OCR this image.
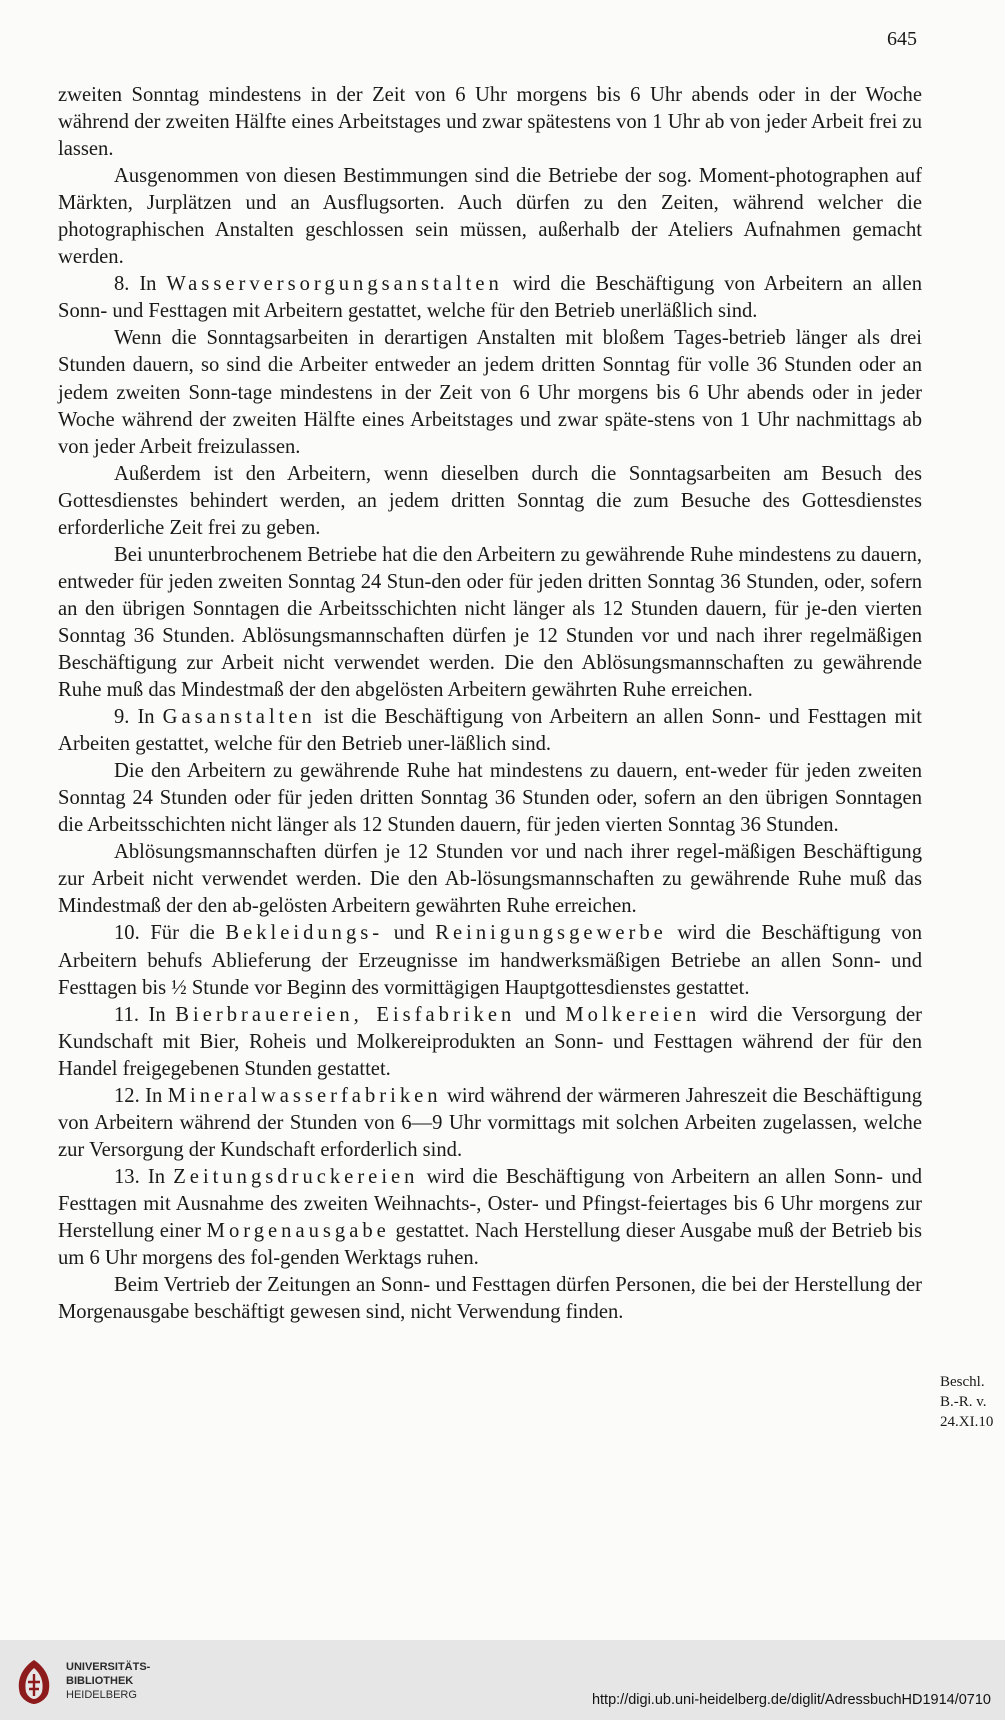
645

zweiten Sonntag mindestens in der Zeit von 6 Uhr morgens bis 6 Uhr abends oder in der Woche während der zweiten Hälfte eines Arbeitstages und zwar spätestens von 1 Uhr ab von jeder Arbeit frei zu lassen.

Ausgenommen von diesen Bestimmungen sind die Betriebe der sog. Moment-photographen auf Märkten, Jurplätzen und an Ausflugsorten. Auch dürfen zu den Zeiten, während welcher die photographischen Anstalten geschlossen sein müssen, außerhalb der Ateliers Aufnahmen gemacht werden.

8. In Wasserversorgungsanstalten wird die Beschäftigung von Arbeitern an allen Sonn- und Festtagen mit Arbeitern gestattet, welche für den Betrieb unerläßlich sind.

Wenn die Sonntagsarbeiten in derartigen Anstalten mit bloßem Tages-betrieb länger als drei Stunden dauern, so sind die Arbeiter entweder an jedem dritten Sonntag für volle 36 Stunden oder an jedem zweiten Sonn-tage mindestens in der Zeit von 6 Uhr morgens bis 6 Uhr abends oder in jeder Woche während der zweiten Hälfte eines Arbeitstages und zwar späte-stens von 1 Uhr nachmittags ab von jeder Arbeit freizulassen.

Außerdem ist den Arbeitern, wenn dieselben durch die Sonntagsarbeiten am Besuch des Gottesdienstes behindert werden, an jedem dritten Sonntag die zum Besuche des Gottesdienstes erforderliche Zeit frei zu geben.

Bei ununterbrochenem Betriebe hat die den Arbeitern zu gewährende Ruhe mindestens zu dauern, entweder für jeden zweiten Sonntag 24 Stun-den oder für jeden dritten Sonntag 36 Stunden, oder, sofern an den übrigen Sonntagen die Arbeitsschichten nicht länger als 12 Stunden dauern, für je-den vierten Sonntag 36 Stunden. Ablösungsmannschaften dürfen je 12 Stunden vor und nach ihrer regelmäßigen Beschäftigung zur Arbeit nicht verwendet werden. Die den Ablösungsmannschaften zu gewährende Ruhe muß das Mindestmaß der den abgelösten Arbeitern gewährten Ruhe erreichen.

9. In Gasanstalten ist die Beschäftigung von Arbeitern an allen Sonn- und Festtagen mit Arbeiten gestattet, welche für den Betrieb uner-läßlich sind.

Die den Arbeitern zu gewährende Ruhe hat mindestens zu dauern, ent-weder für jeden zweiten Sonntag 24 Stunden oder für jeden dritten Sonntag 36 Stunden oder, sofern an den übrigen Sonntagen die Arbeitsschichten nicht länger als 12 Stunden dauern, für jeden vierten Sonntag 36 Stunden.

Ablösungsmannschaften dürfen je 12 Stunden vor und nach ihrer regel-mäßigen Beschäftigung zur Arbeit nicht verwendet werden. Die den Ab-lösungsmannschaften zu gewährende Ruhe muß das Mindestmaß der den ab-gelösten Arbeitern gewährten Ruhe erreichen.

10. Für die Bekleidungs- und Reinigungsgewerbe wird die Beschäftigung von Arbeitern behufs Ablieferung der Erzeugnisse im handwerksmäßigen Betriebe an allen Sonn- und Festtagen bis ½ Stunde vor Beginn des vormittägigen Hauptgottesdienstes gestattet.

11. In Bierbrauereien, Eisfabriken und Molkereien wird die Versorgung der Kundschaft mit Bier, Roheis und Molkereiprodukten an Sonn- und Festtagen während der für den Handel freigegebenen Stunden gestattet.

12. In Mineralwasserfabriken wird während der wärmeren Jahreszeit die Beschäftigung von Arbeitern während der Stunden von 6—9 Uhr vormittags mit solchen Arbeiten zugelassen, welche zur Versorgung der Kundschaft erforderlich sind.

13. In Zeitungsdruckereien wird die Beschäftigung von Arbeitern an allen Sonn- und Festtagen mit Ausnahme des zweiten Weihnachts-, Oster- und Pfingst-feiertages bis 6 Uhr morgens zur Herstellung einer Morgenausgabe gestattet. Nach Herstellung dieser Ausgabe muß der Betrieb bis um 6 Uhr morgens des fol-genden Werktags ruhen.

Beim Vertrieb der Zeitungen an Sonn- und Festtagen dürfen Personen, die bei der Herstellung der Morgenausgabe beschäftigt gewesen sind, nicht Verwendung finden.

Beschl.
B.-R. v.
24.XI.10
UNIVERSITÄTS-
BIBLIOTHEK
HEIDELBERG	http://digi.ub.uni-heidelberg.de/diglit/AdressbuchHD1914/0710
